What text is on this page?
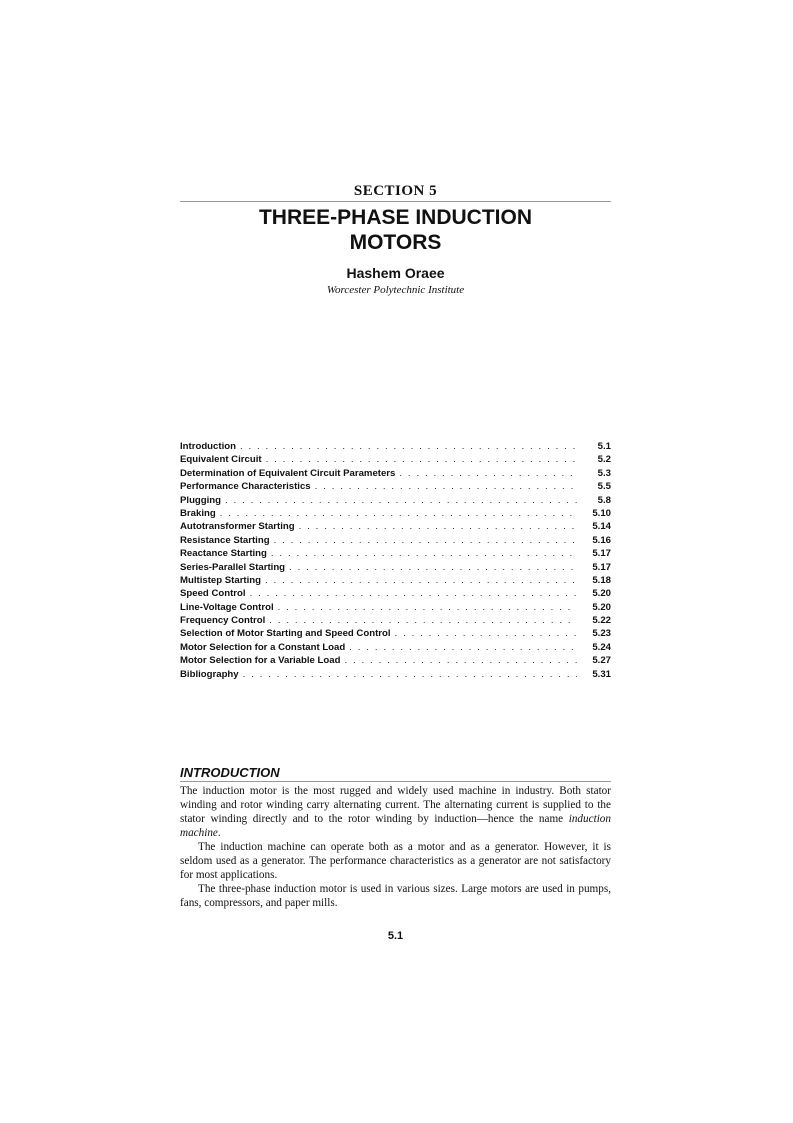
SECTION 5
THREE-PHASE INDUCTION
MOTORS
Hashem Oraee
Worcester Polytechnic Institute
Introduction . . .	5.1
Equivalent Circuit . . .	5.2
Determination of Equivalent Circuit Parameters . . .	5.3
Performance Characteristics . . .	5.5
Plugging . . .	5.8
Braking . . .	5.10
Autotransformer Starting . . .	5.14
Resistance Starting . . .	5.16
Reactance Starting . . .	5.17
Series-Parallel Starting . . .	5.17
Multistep Starting . . .	5.18
Speed Control . . .	5.20
Line-Voltage Control . . .	5.20
Frequency Control . . .	5.22
Selection of Motor Starting and Speed Control . . .	5.23
Motor Selection for a Constant Load . . .	5.24
Motor Selection for a Variable Load . . .	5.27
Bibliography . . .	5.31
INTRODUCTION

The induction motor is the most rugged and widely used machine in industry. Both stator winding and rotor winding carry alternating current. The alternating current is supplied to the stator winding directly and to the rotor winding by induction—hence the name induction machine.

The induction machine can operate both as a motor and as a generator. However, it is seldom used as a generator. The performance characteristics as a generator are not satisfactory for most applications.

The three-phase induction motor is used in various sizes. Large motors are used in pumps, fans, compressors, and paper mills.

5.1
